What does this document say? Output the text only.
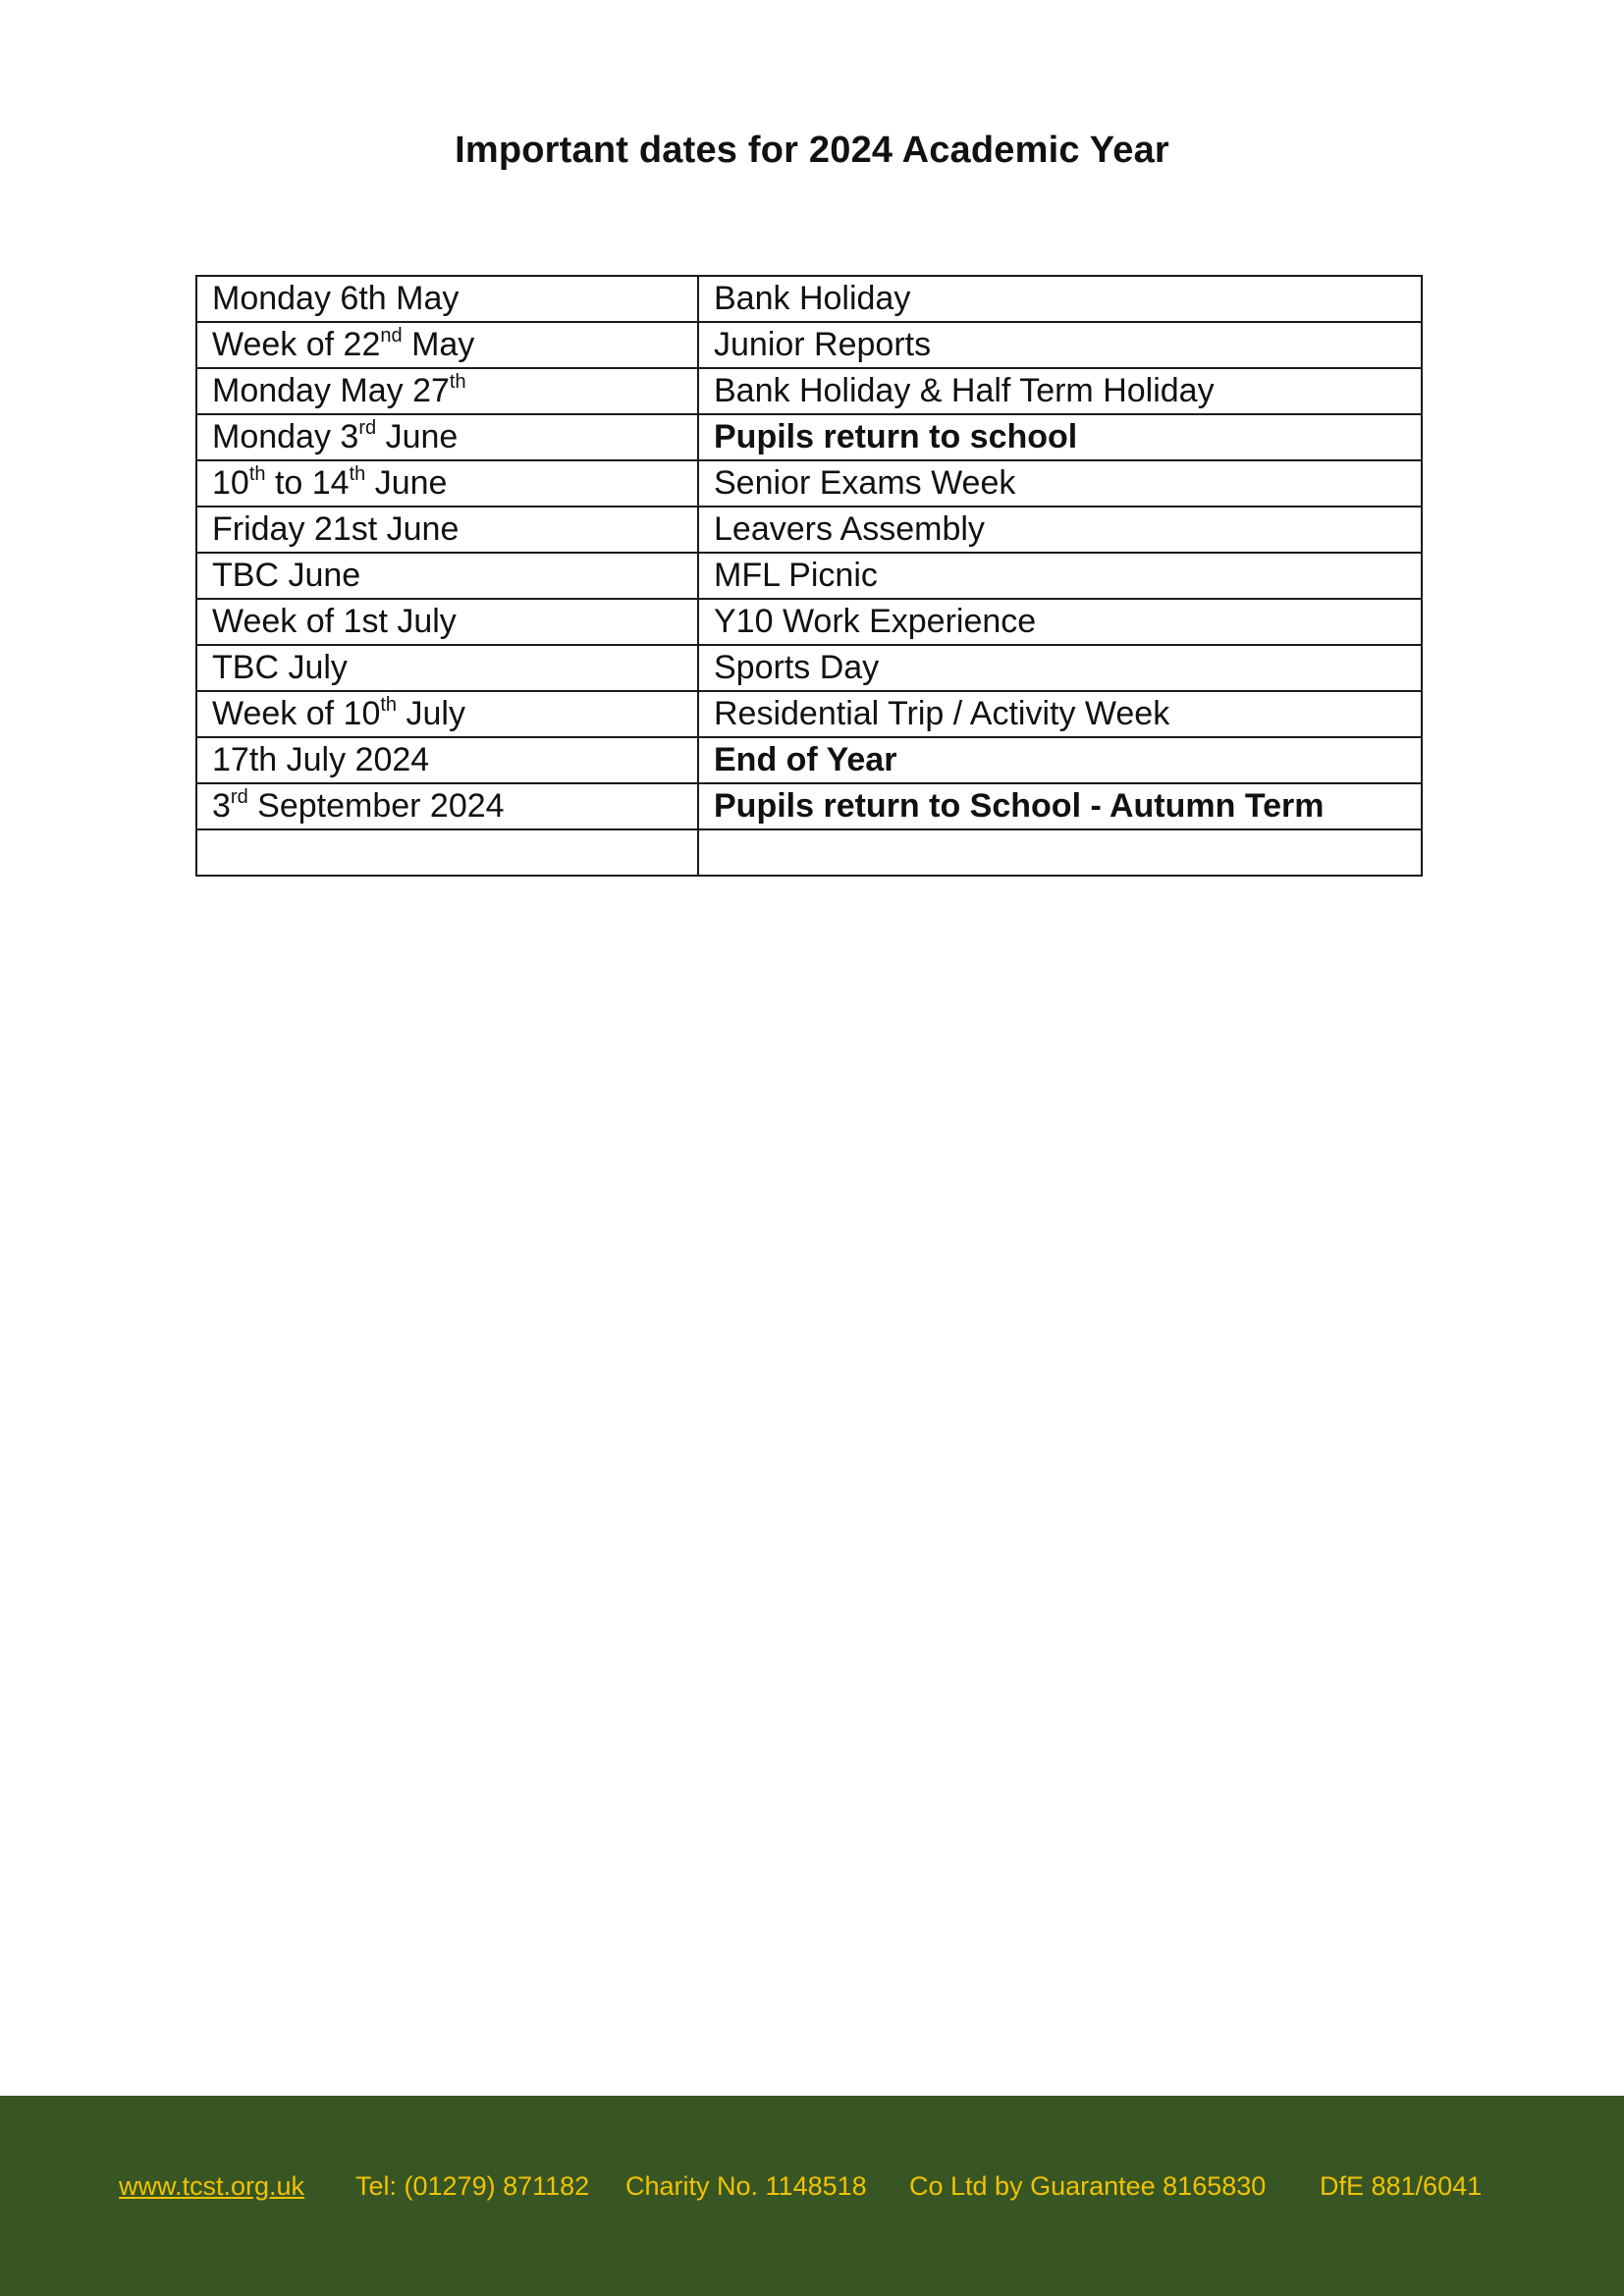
Important dates for 2024 Academic Year
Monday 6th May	Bank Holiday
Week of 22nd May	Junior Reports
Monday May 27th	Bank Holiday & Half Term Holiday
Monday 3rd June	Pupils return to school
10th to 14th June	Senior Exams Week
Friday 21st June	Leavers Assembly
TBC June	MFL Picnic
Week of 1st July	Y10 Work Experience
TBC July	Sports Day
Week of 10th July	Residential Trip / Activity Week
17th July 2024	End of Year
3rd September 2024	Pupils return to School - Autumn Term

www.tcst.org.uk Tel: (01279) 871182 Charity No. 1148518 Co Ltd by Guarantee 8165830 DfE 881/6041
